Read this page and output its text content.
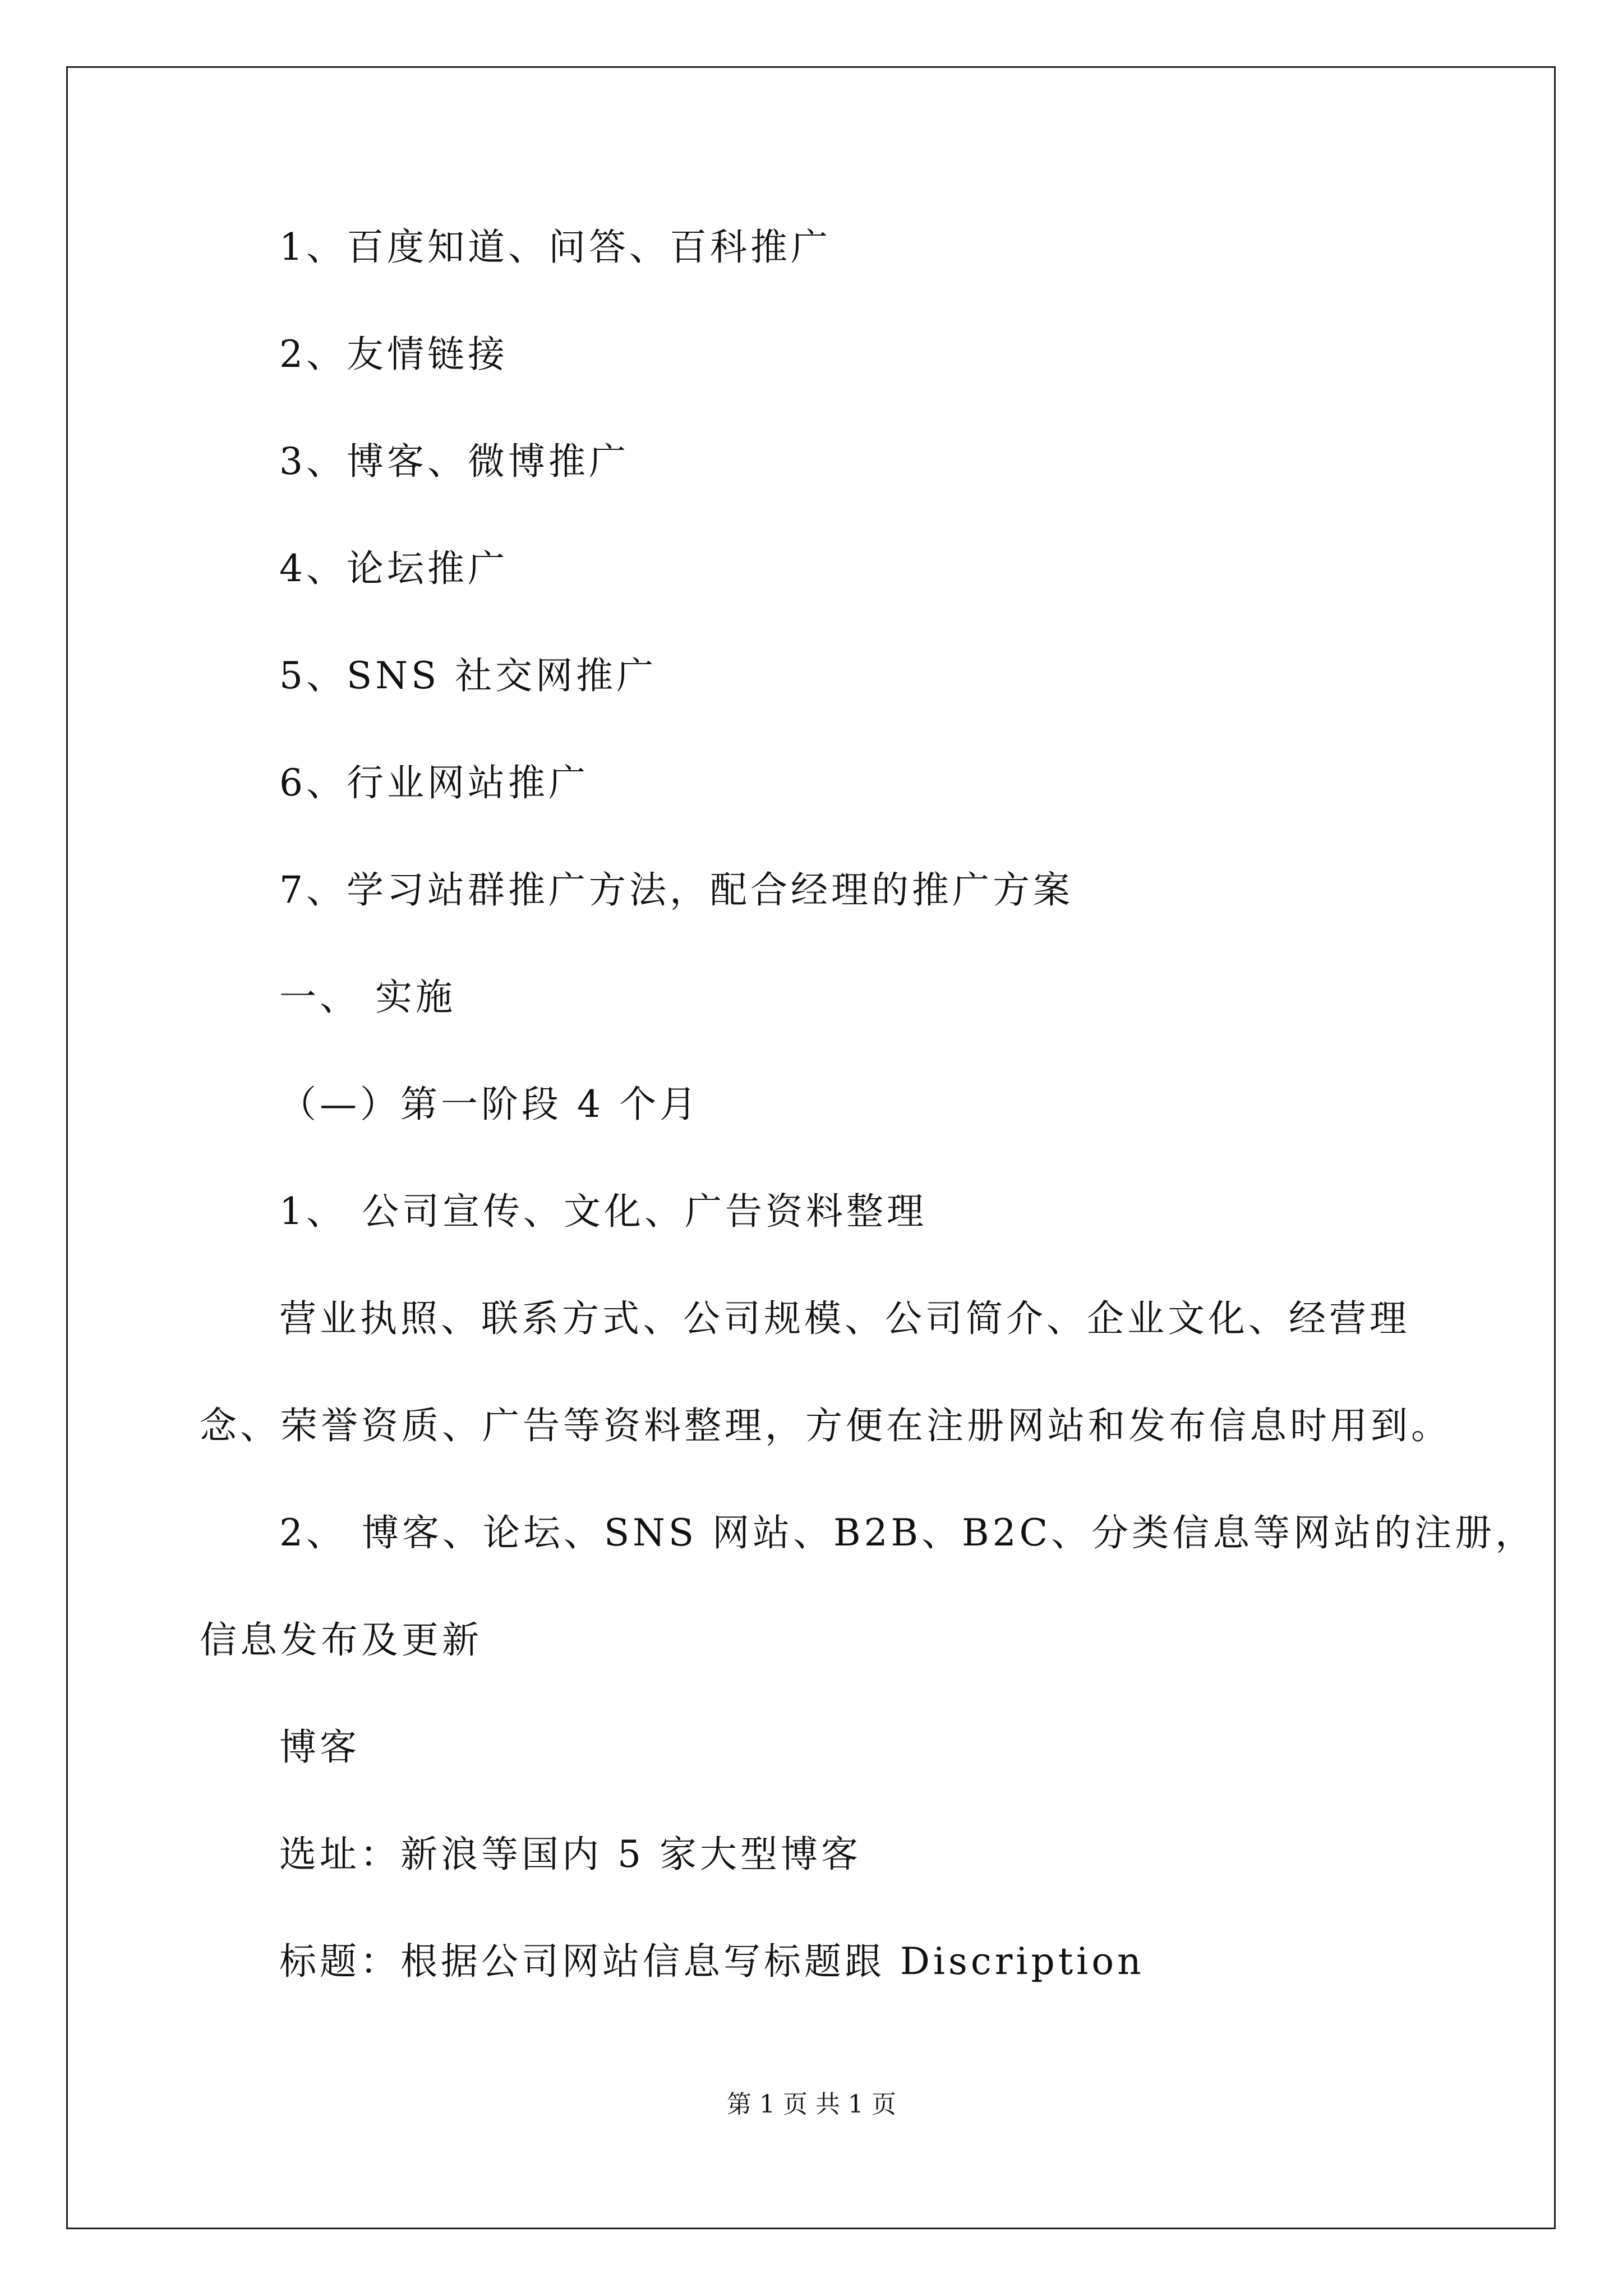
1、百度知道、问答、百科推广
2、友情链接
3、博客、微博推广
4、论坛推广
5、SNS 社交网推广
6、行业网站推广
7、学习站群推广方法，配合经理的推广方案
一、 实施
（—）第一阶段 4 个月
1、 公司宣传、文化、广告资料整理
营业执照、联系方式、公司规模、公司简介、企业文化、经营理
念、荣誉资质、广告等资料整理，方便在注册网站和发布信息时用到。
2、 博客、论坛、SNS 网站、B2B、B2C、分类信息等网站的注册，
信息发布及更新
博客
选址：新浪等国内 5 家大型博客
标题：根据公司网站信息写标题跟 Discription
第 1 页 共 1 页
